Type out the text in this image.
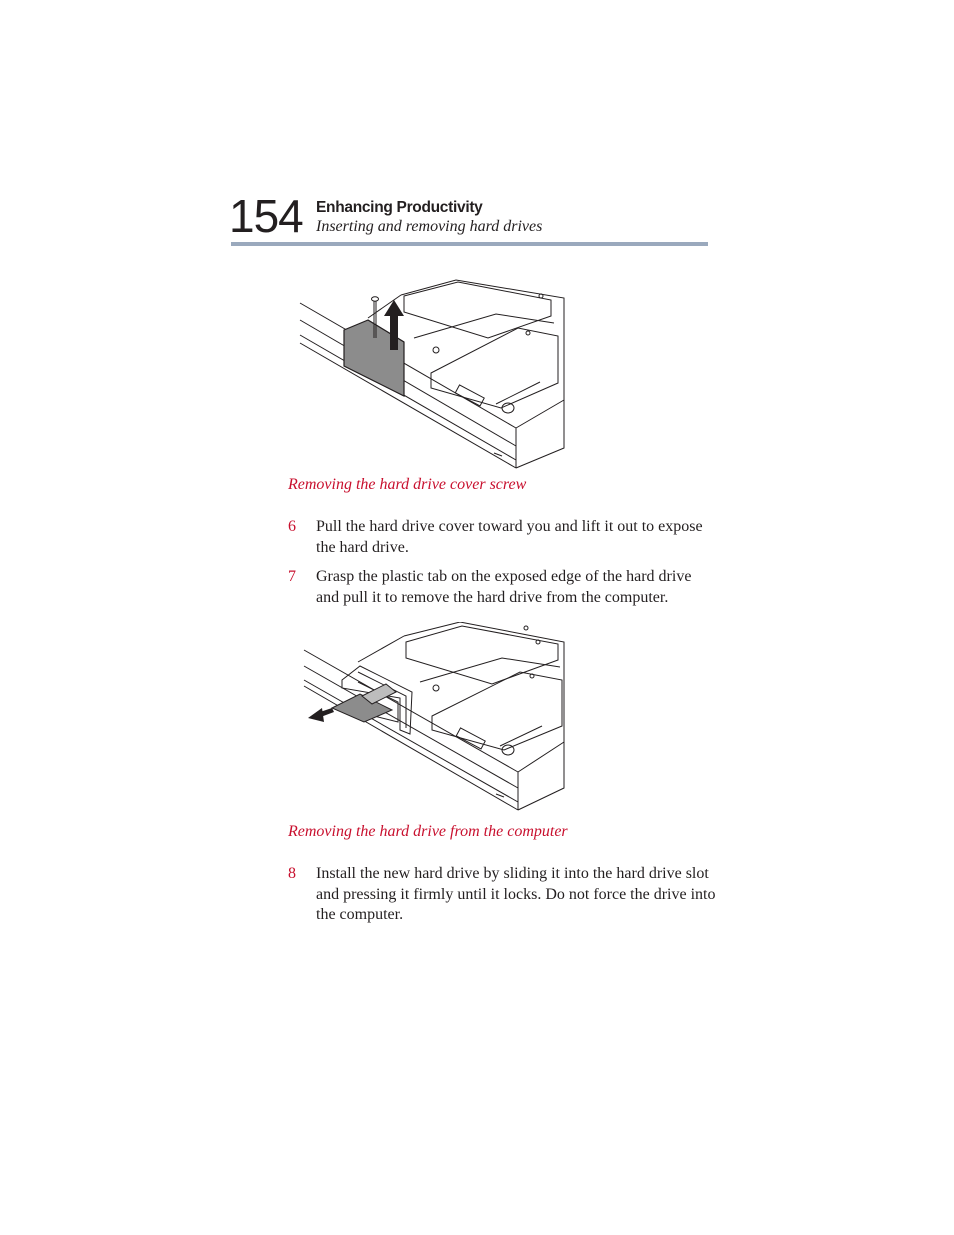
154 Enhancing Productivity
Inserting and removing hard drives
Removing the hard drive cover screw
6 Pull the hard drive cover toward you and lift it out to expose the hard drive.
7 Grasp the plastic tab on the exposed edge of the hard drive and pull it to remove the hard drive from the computer.
Removing the hard drive from the computer
8 Install the new hard drive by sliding it into the hard drive slot and pressing it firmly until it locks. Do not force the drive into the computer.
